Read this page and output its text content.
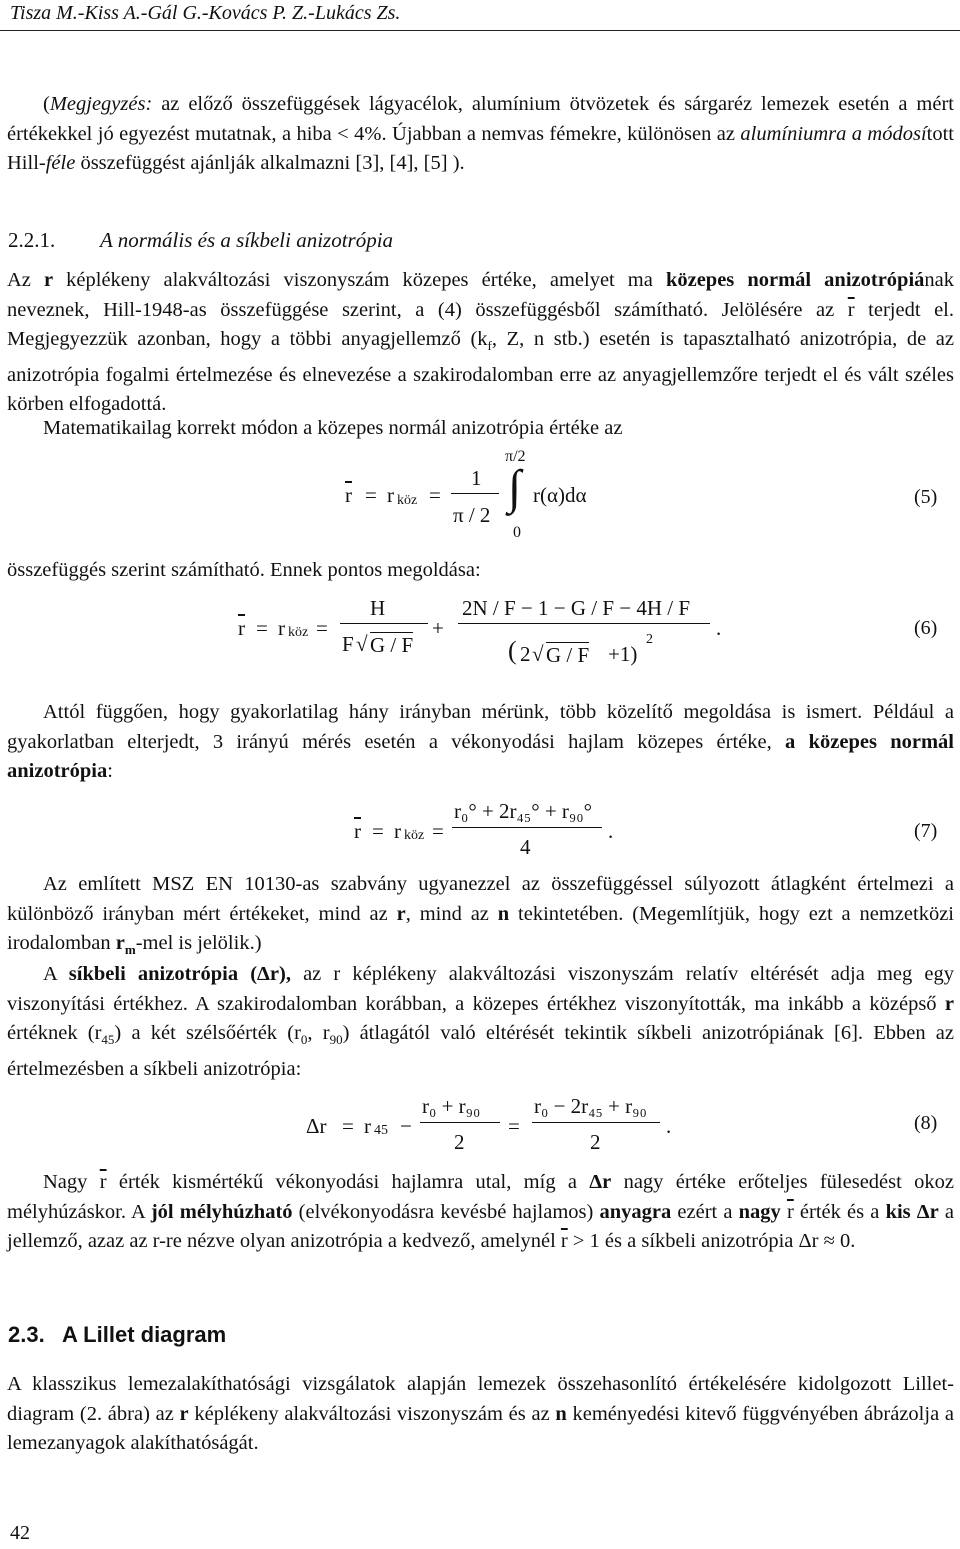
Tisza M.-Kiss A.-Gál G.-Kovács P. Z.-Lukács Zs.
(Megjegyzés: az előző összefüggések lágyacélok, alumínium ötvözetek és sárgaréz lemezek esetén a mért értékekkel jó egyezést mutatnak, a hiba < 4%. Újabban a nemvas fémekre, különösen az alumíniumra a módosított Hill-féle összefüggést ajánlják alkalmazni [3], [4], [5] ).
2.2.1. A normális és a síkbeli anizotrópia
Az r képlékeny alakváltozási viszonyszám közepes értéke, amelyet ma közepes normál anizotrópiának neveznek, Hill-1948-as összefüggése szerint, a (4) összefüggésből számítható. Jelölésére az $\overline{r}$ terjedt el. Megjegyezzük azonban, hogy a többi anyagjellemző ($k_f$, Z, n stb.) esetén is tapasztalható anizotrópia, de az anizotrópia fogalmi értelmezése és elnevezése a szakirodalomban erre az anyagjellemzőre terjedt el és vált széles körben elfogadottá.
Matematikailag korrekt módon a közepes normál anizotrópia értéke az
$\overline{r} = r$ köz =
1
π / 2
π/2
0
∫ r(α)dα	(5)
összefüggés szerint számítható. Ennek pontos megoldása:
$\overline{r} = r$ köz =
H
F √ G / F
+
2N / F − 1 − G / F − 4H / F
( 2 √ G / F +1)
2	.	(6)
Attól függően, hogy gyakorlatilag hány irányban mérünk, több közelítő megoldása is ismert. Például a gyakorlatban elterjedt, 3 irányú mérés esetén a vékonyodási hajlam közepes értéke, a közepes normál anizotrópia:
$\overline{r} = r$ köz =
r₀° + 2r₄₅° + r₉₀°
4
.	(7)
Az említett MSZ EN 10130-as szabvány ugyanezzel az összefüggéssel súlyozott átlagként értelmezi a különböző irányban mért értékeket, mind az r, mind az n tekintetében. (Megemlítjük, hogy ezt a nemzetközi irodalomban $r_m$-mel is jelölik.)
A síkbeli anizotrópia (Δr), az r képlékeny alakváltozási viszonyszám relatív eltérését adja meg egy viszonyítási értékhez. A szakirodalomban korábban, a közepes értékhez viszonyították, ma inkább a középső r értéknek $(r_{45})$ a két szélsőérték ($r_0$, $r_{90}$) átlagától való eltérését tekintik síkbeli anizotrópiának [6]. Ebben az értelmezésben a síkbeli anizotrópia:
Δr = r 45 −
r₀ + r₉₀
2
=
r₀ − 2r₄₅ + r₉₀
2
.	(8)
Nagy $\overline{r}$ érték kismértékű vékonyodási hajlamra utal, míg a Δr nagy értéke erőteljes fülesedést okoz mélyhúzáskor. A jól mélyhúzható (elvékonyodásra kevésbé hajlamos) anyagra ezért a nagy $\overline{r}$ érték és a kis Δr a jellemző, azaz az r-re nézve olyan anizotrópia a kedvező, amelynél $\overline{r} > 1$ és a síkbeli anizotrópia Δr ≈ 0.
2.3. A Lillet diagram
A klasszikus lemezalakíthatósági vizsgálatok alapján lemezek összehasonlító értékelésére kidolgozott Lillet-diagram (2. ábra) az r képlékeny alakváltozási viszonyszám és az n keményedési kitevő függvényében ábrázolja a lemezanyagok alakíthatóságát.
42
